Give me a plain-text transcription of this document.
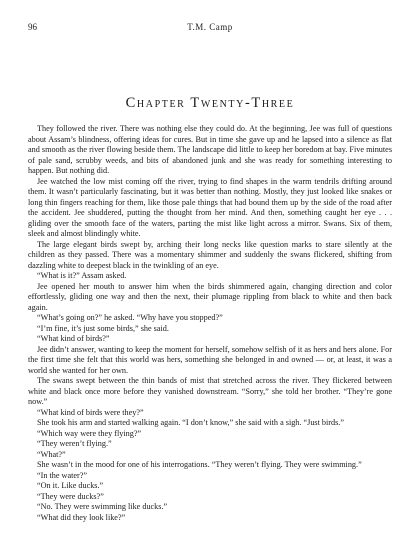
96	T.M. Camp
Chapter Twenty-Three

They followed the river. There was nothing else they could do. At the beginning, Jee was full of questions about Assam’s blindness, offering ideas for cures. But in time she gave up and he lapsed into a silence as flat and smooth as the river flowing beside them. The landscape did little to keep her boredom at bay. Five minutes of pale sand, scrubby weeds, and bits of abandoned junk and she was ready for something interesting to happen. But nothing did.

Jee watched the low mist coming off the river, trying to find shapes in the warm tendrils drifting around them. It wasn’t particularly fascinating, but it was better than nothing. Mostly, they just looked like snakes or long thin fingers reaching for them, like those pale things that had bound them up by the side of the road after the accident. Jee shuddered, putting the thought from her mind. And then, something caught her eye . . . gliding over the smooth face of the waters, parting the mist like light across a mirror. Swans. Six of them, sleek and almost blindingly white.

The large elegant birds swept by, arching their long necks like question marks to stare silently at the children as they passed. There was a momentary shimmer and suddenly the swans flickered, shifting from dazzling white to deepest black in the twinkling of an eye.

“What is it?” Assam asked.

Jee opened her mouth to answer him when the birds shimmered again, changing direction and color effortlessly, gliding one way and then the next, their plumage rippling from black to white and then back again.

“What’s going on?” he asked. “Why have you stopped?”

“I’m fine, it’s just some birds,” she said.

“What kind of birds?”

Jee didn’t answer, wanting to keep the moment for herself, somehow selfish of it as hers and hers alone. For the first time she felt that this world was hers, something she belonged in and owned — or, at least, it was a world she wanted for her own.

The swans swept between the thin bands of mist that stretched across the river. They flickered between white and black once more before they vanished downstream. “Sorry,” she told her brother. “They’re gone now.”

“What kind of birds were they?”

She took his arm and started walking again. “I don’t know,” she said with a sigh. “Just birds.”

“Which way were they flying?”

“They weren’t flying.”

“What?”

She wasn’t in the mood for one of his interrogations. “They weren’t flying. They were swimming.”

“In the water?”

“On it. Like ducks.”

“They were ducks?”

“No. They were swimming like ducks.”

“What did they look like?”
